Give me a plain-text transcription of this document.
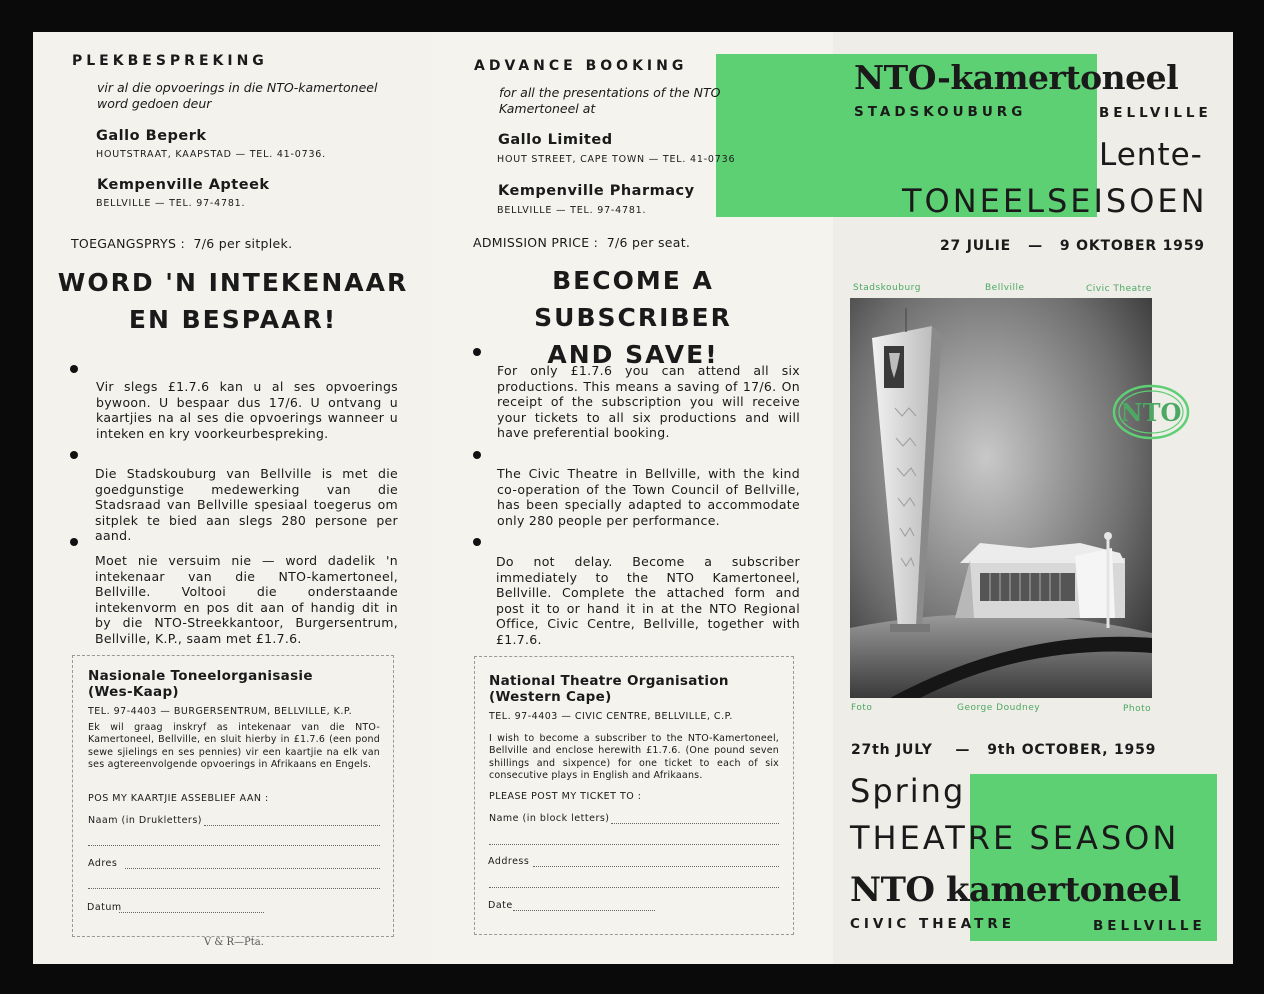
PLEKBESPREKING
vir al die opvoerings in die NTO-kamertoneel word gedoen deur
Gallo Beperk
HOUTSTRAAT, KAAPSTAD — TEL. 41-0736.
Kempenville Apteek
BELLVILLE — TEL. 97-4781.
TOEGANGSPRYS : 7/6 per sitplek.
WORD 'N INTEKENAAR
EN BESPAAR!
Vir slegs £1.7.6 kan u al ses opvoerings bywoon. U bespaar dus 17/6. U ontvang u kaartjies na al ses die opvoerings wanneer u inteken en kry voorkeurbespreking.
Die Stadskouburg van Bellville is met die goedgunstige medewerking van die Stadsraad van Bellville spesiaal toegerus om sitplek te bied aan slegs 280 persone per aand.
Moet nie versuim nie — word dadelik 'n intekenaar van die NTO-kamertoneel, Bellville. Voltooi die onderstaande intekenvorm en pos dit aan of handig dit in by die NTO-Streekkantoor, Burgersentrum, Bellville, K.P., saam met £1.7.6.
Nasionale Toneelorganisasie
(Wes-Kaap)
TEL. 97-4403 — BURGERSENTRUM, BELLVILLE, K.P.
Ek wil graag inskryf as intekenaar van die NTO-Kamertoneel, Bellville, en sluit hierby in £1.7.6 (een pond sewe sjielings en ses pennies) vir een kaartjie na elk van ses agtereenvolgende opvoerings in Afrikaans en Engels.
POS MY KAARTJIE ASSEBLIEF AAN :
Naam (in Drukletters)
Adres
Datum
V & R—Pta.
ADVANCE BOOKING
for all the presentations of the NTO Kamertoneel at
Gallo Limited
HOUT STREET, CAPE TOWN — TEL. 41-0736
Kempenville Pharmacy
BELLVILLE — TEL. 97-4781.
ADMISSION PRICE : 7/6 per seat.
BECOME A SUBSCRIBER
AND SAVE!
For only £1.7.6 you can attend all six productions. This means a saving of 17/6. On receipt of the subscription you will receive your tickets to all six productions and will have preferential booking.
The Civic Theatre in Bellville, with the kind co-operation of the Town Council of Bellville, has been specially adapted to accommodate only 280 people per performance.
Do not delay. Become a subscriber immediately to the NTO Kamertoneel, Bellville. Complete the attached form and post it to or hand it in at the NTO Regional Office, Civic Centre, Bellville, together with £1.7.6.
National Theatre Organisation
(Western Cape)
TEL. 97-4403 — CIVIC CENTRE, BELLVILLE, C.P.
I wish to become a subscriber to the NTO-Kamertoneel, Bellville and enclose herewith £1.7.6. (One pound seven shillings and sixpence) for one ticket to each of six consecutive plays in English and Afrikaans.
PLEASE POST MY TICKET TO :
Name (in block letters)
Address
Date
NTO-kamertoneel
STADSKOUBURG	BELLVILLE
Lente-
TONEELSEISOEN
27 JULIE — 9 OKTOBER 1959
Stadskouburg	Bellville	Civic Theatre
NTO
Foto	George Doudney	Photo
27th JULY — 9th OCTOBER, 1959
Spring
THEATRE SEASON
NTO kamertoneel
CIVIC THEATRE	BELLVILLE
